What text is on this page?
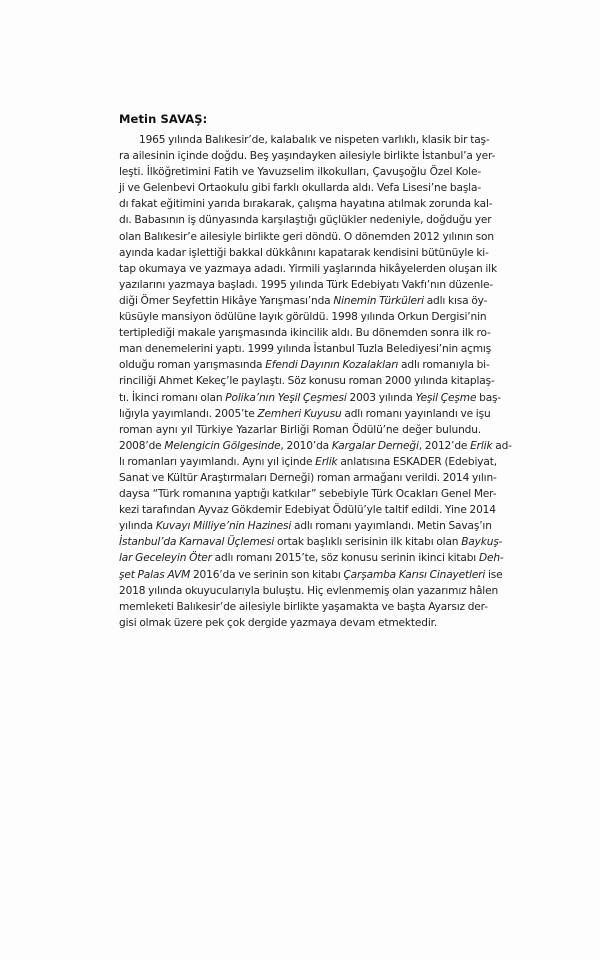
Metin SAVAŞ:
1965 yılında Balıkesir’de, kalabalık ve nispeten varlıklı, klasik bir taş-
ra ailesinin içinde doğdu. Beş yaşındayken ailesiyle birlikte İstanbul’a yer-
leşti. İlköğretimini Fatih ve Yavuzselim ilkokulları, Çavuşoğlu Özel Kole-
ji ve Gelenbevi Ortaokulu gibi farklı okullarda aldı. Vefa Lisesi’ne başla-
dı fakat eğitimini yarıda bırakarak, çalışma hayatına atılmak zorunda kal-
dı. Babasının iş dünyasında karşılaştığı güçlükler nedeniyle, doğduğu yer
olan Balıkesir’e ailesiyle birlikte geri döndü. O dönemden 2012 yılının son
ayında kadar işlettiği bakkal dükkânını kapatarak kendisini bütünüyle ki-
tap okumaya ve yazmaya adadı. Yirmili yaşlarında hikâyelerden oluşan ilk
yazılarını yazmaya başladı. 1995 yılında Türk Edebiyatı Vakfı’nın düzenle-
diği Ömer Seyfettin Hikâye Yarışması’nda Ninemin Türküleri adlı kısa öy-
küsüyle mansiyon ödülüne layık görüldü. 1998 yılında Orkun Dergisi’nin
tertiplediği makale yarışmasında ikincilik aldı. Bu dönemden sonra ilk ro-
man denemelerini yaptı. 1999 yılında İstanbul Tuzla Belediyesi’nin açmış
olduğu roman yarışmasında Efendi Dayının Kozalakları adlı romanıyla bi-
rinciliği Ahmet Kekeç’le paylaştı. Söz konusu roman 2000 yılında kitaplaş-
tı. İkinci romanı olan Polika’nın Yeşil Çeşmesi 2003 yılında Yeşil Çeşme baş-
lığıyla yayımlandı. 2005’te Zemheri Kuyusu adlı romanı yayınlandı ve işu
roman aynı yıl Türkiye Yazarlar Birliği Roman Ödülü’ne değer bulundu.
2008’de Melengicin Gölgesinde, 2010’da Kargalar Derneği, 2012’de Erlik ad-
lı romanları yayımlandı. Aynı yıl içinde Erlik anlatısına ESKADER (Edebiyat,
Sanat ve Kültür Araştırmaları Derneği) roman armağanı verildi. 2014 yılın-
daysa “Türk romanına yaptığı katkılar” sebebiyle Türk Ocakları Genel Mer-
kezi tarafından Ayvaz Gökdemir Edebiyat Ödülü’yle taltif edildi. Yine 2014
yılında Kuvayı Milliye’nin Hazinesi adlı romanı yayımlandı. Metin Savaş’ın
İstanbul’da Karnaval Üçlemesi ortak başlıklı serisinin ilk kitabı olan Baykuş-
lar Geceleyin Öter adlı romanı 2015’te, söz konusu serinin ikinci kitabı Deh-
şet Palas AVM 2016’da ve serinin son kitabı Çarşamba Karısı Cinayetleri ise
2018 yılında okuyucularıyla buluştu. Hiç evlenmemiş olan yazarımız hâlen
memleketi Balıkesir’de ailesiyle birlikte yaşamakta ve başta Ayarsız der-
gisi olmak üzere pek çok dergide yazmaya devam etmektedir.
